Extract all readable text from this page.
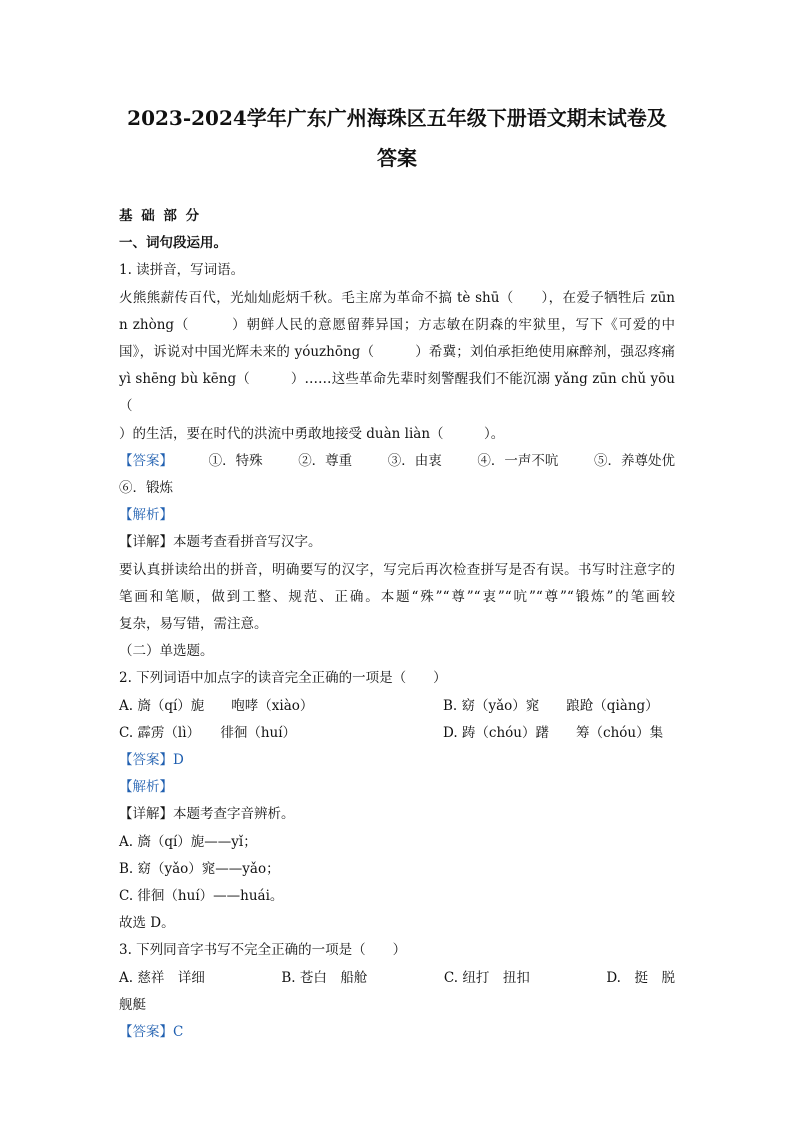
2023-2024学年广东广州海珠区五年级下册语文期末试卷及
答案

基 础 部 分

一、词句段运用。

1. 读拼音，写词语。

火熊熊薪传百代，光灿灿彪炳千秋。毛主席为革命不搞 tè shū（　　），在爱子牺牲后 zūn

n zhòng（　　　）朝鲜人民的意愿留葬异国；方志敏在阴森的牢狱里，写下《可爱的中

国》，诉说对中国光辉未来的 yóuzhōng（　　　）希冀；刘伯承拒绝使用麻醉剂，强忍疼痛

yì shēng bù kēng（　　　）……这些革命先辈时刻警醒我们不能沉溺 yǎng zūn chǔ yōu（

）的生活，要在时代的洪流中勇敢地接受 duàn liàn（　　　）。

【答案】	①．特殊	②．尊重	③．由衷	④．一声不吭	⑤．养尊处优

⑥．锻炼

【解析】

【详解】本题考查看拼音写汉字。

要认真拼读给出的拼音，明确要写的汉字，写完后再次检查拼写是否有误。书写时注意字的

笔画和笔顺，做到工整、规范、正确。本题“殊”“尊”“衷”“吭”“尊”“锻炼”的笔画较

复杂，易写错，需注意。

（二）单选题。

2. 下列词语中加点字的读音完全正确的一项是（　　）

A. 旖（qí）旎　　咆哮（xiào）	B. 窈（yǎo）窕　　踉跄（qiàng）
C. 霹雳（lì）　　徘徊（huí）	D. 踌（chóu）躇　　筹（chóu）集

【答案】D

【解析】

【详解】本题考查字音辨析。

A. 旖（qí）旎——yǐ；

B. 窈（yǎo）窕——yǎo；

C. 徘徊（huí）——huái。

故选 D。

3. 下列同音字书写不完全正确的一项是（　　）

A. 慈祥　详细	B. 苍白　船舱	C. 纽打　扭扣	D.　挺　脱

舰艇

【答案】C
